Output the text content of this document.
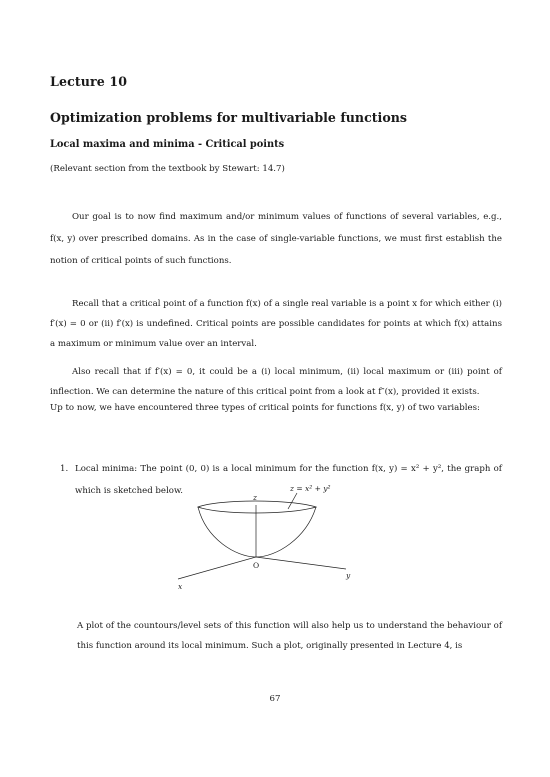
Lecture 10
Optimization problems for multivariable functions
Local maxima and minima - Critical points
(Relevant section from the textbook by Stewart: 14.7)

Our goal is to now find maximum and/or minimum values of functions of several variables, e.g., f(x, y) over prescribed domains. As in the case of single-variable functions, we must first establish the notion of critical points of such functions.

Recall that a critical point of a function f(x) of a single real variable is a point x for which either (i) f′(x) = 0 or (ii) f′(x) is undefined. Critical points are possible candidates for points at which f(x) attains a maximum or minimum value over an interval.

Also recall that if f′(x) = 0, it could be a (i) local minimum, (ii) local maximum or (iii) point of inflection. We can determine the nature of this critical point from a look at f″(x), provided it exists.

Up to now, we have encountered three types of critical points for functions f(x, y) of two variables:

1. Local minima: The point (0, 0) is a local minimum for the function f(x, y) = x² + y², the graph of which is sketched below.
z
z = x² + y²
O
y
x

A plot of the countours/level sets of this function will also help us to understand the behaviour of this function around its local minimum. Such a plot, originally presented in Lecture 4, is

67
